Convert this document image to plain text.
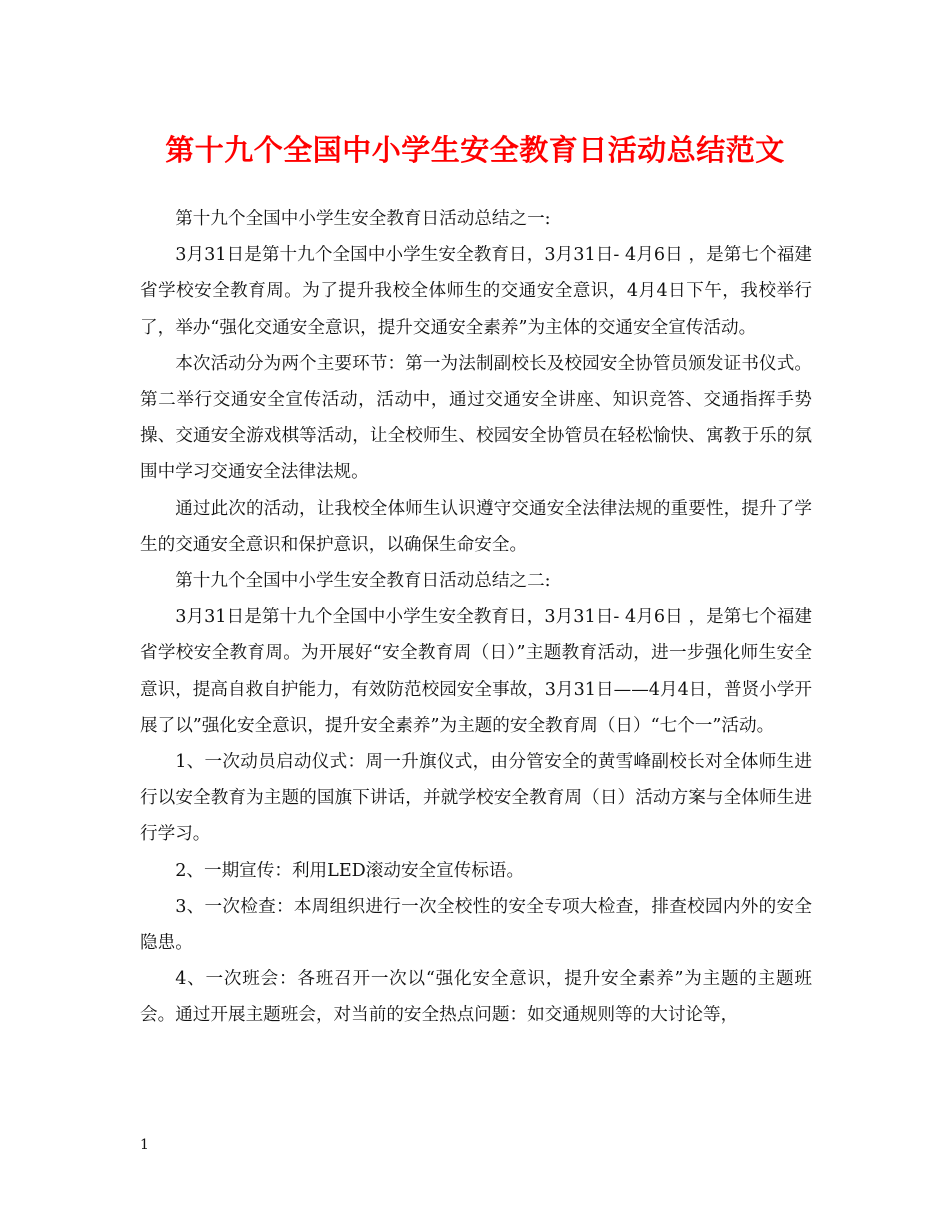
第十九个全国中小学生安全教育日活动总结范文

第十九个全国中小学生安全教育日活动总结之一:

3月31日是第十九个全国中小学生安全教育日，3月31日- 4月6日 ，是第七个福建省学校安全教育周。为了提升我校全体师生的交通安全意识，4月4日下午，我校举行了，举办“强化交通安全意识，提升交通安全素养”为主体的交通安全宣传活动。

本次活动分为两个主要环节：第一为法制副校长及校园安全协管员颁发证书仪式。第二举行交通安全宣传活动，活动中，通过交通安全讲座、知识竞答、交通指挥手势操、交通安全游戏棋等活动，让全校师生、校园安全协管员在轻松愉快、寓教于乐的氛围中学习交通安全法律法规。

通过此次的活动，让我校全体师生认识遵守交通安全法律法规的重要性，提升了学生的交通安全意识和保护意识，以确保生命安全。

第十九个全国中小学生安全教育日活动总结之二:

3月31日是第十九个全国中小学生安全教育日，3月31日- 4月6日 ，是第七个福建省学校安全教育周。为开展好“安全教育周（日）”主题教育活动，进一步强化师生安全意识，提高自救自护能力，有效防范校园安全事故，3月31日——4月4日，普贤小学开展了以”强化安全意识，提升安全素养”为主题的安全教育周（日）“七个一”活动。

1、一次动员启动仪式：周一升旗仪式，由分管安全的黄雪峰副校长对全体师生进行以安全教育为主题的国旗下讲话，并就学校安全教育周（日）活动方案与全体师生进行学习。

2、一期宣传：利用LED滚动安全宣传标语。

3、一次检查：本周组织进行一次全校性的安全专项大检查，排查校园内外的安全隐患。

4、一次班会：各班召开一次以“强化安全意识，提升安全素养”为主题的主题班会。通过开展主题班会，对当前的安全热点问题：如交通规则等的大讨论等，

1
